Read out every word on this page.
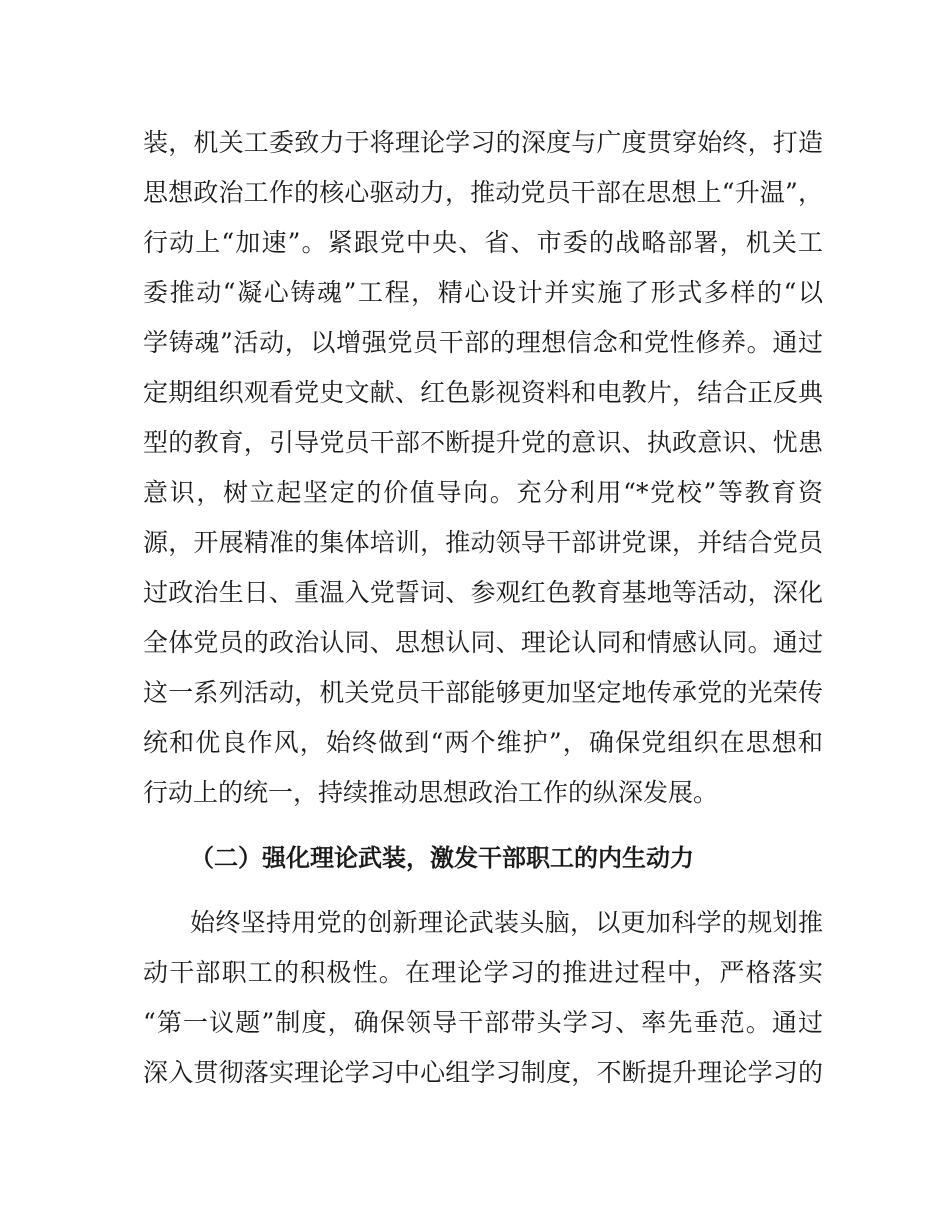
装，机关工委致力于将理论学习的深度与广度贯穿始终，打造
思想政治工作的核心驱动力，推动党员干部在思想上“升温”，
行动上“加速”。紧跟党中央、省、市委的战略部署，机关工
委推动“凝心铸魂”工程，精心设计并实施了形式多样的“以
学铸魂”活动，以增强党员干部的理想信念和党性修养。通过
定期组织观看党史文献、红色影视资料和电教片，结合正反典
型的教育，引导党员干部不断提升党的意识、执政意识、忧患
意识，树立起坚定的价值导向。充分利用“*党校”等教育资
源，开展精准的集体培训，推动领导干部讲党课，并结合党员
过政治生日、重温入党誓词、参观红色教育基地等活动，深化
全体党员的政治认同、思想认同、理论认同和情感认同。通过
这一系列活动，机关党员干部能够更加坚定地传承党的光荣传
统和优良作风，始终做到“两个维护”，确保党组织在思想和
行动上的统一，持续推动思想政治工作的纵深发展。
（二）强化理论武装，激发干部职工的内生动力
始终坚持用党的创新理论武装头脑，以更加科学的规划推
动干部职工的积极性。在理论学习的推进过程中，严格落实
“第一议题”制度，确保领导干部带头学习、率先垂范。通过
深入贯彻落实理论学习中心组学习制度，不断提升理论学习的
